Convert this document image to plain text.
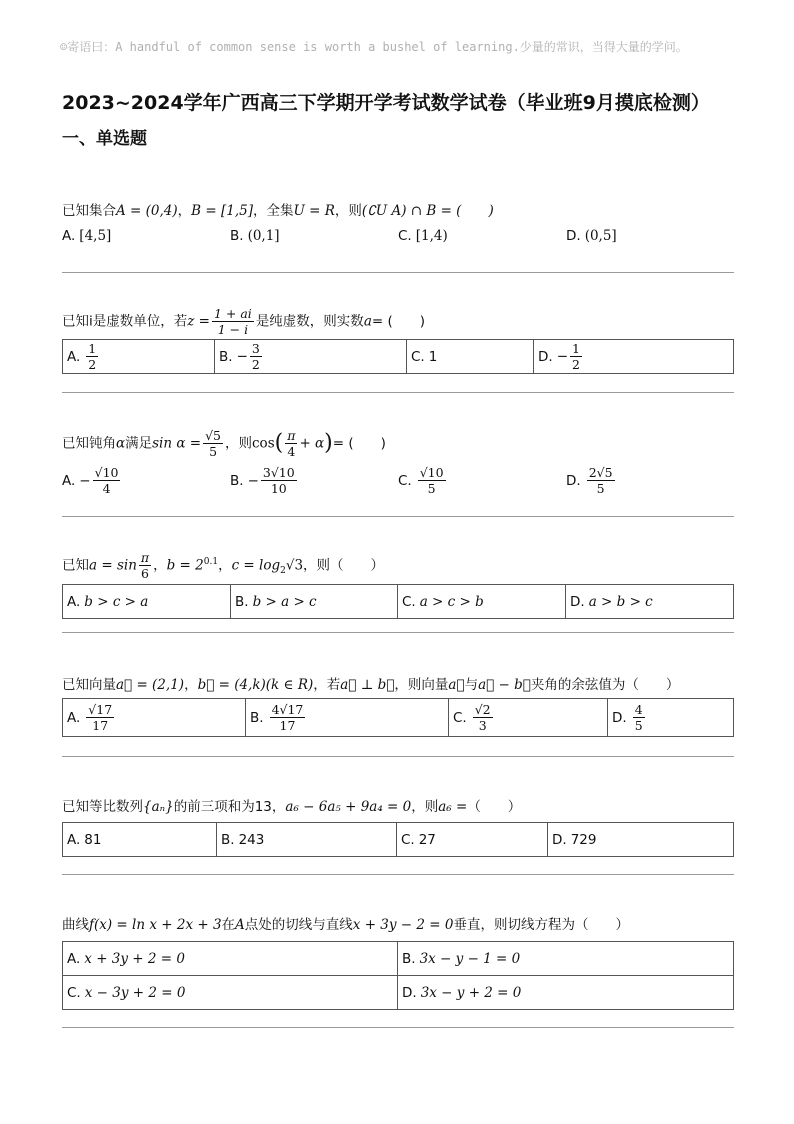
☺寄语曰：A handful of common sense is worth a bushel of learning.少量的常识，当得大量的学问。
2023~2024学年广西高三下学期开学考试数学试卷（毕业班9月摸底检测）
一、单选题
已知集合A = (0,4)，B = [1,5]，全集U = R，则(∁U A) ∩ B = (　　)
A. [4,5]	B. (0,1]	C. [1,4)	D. (0,5]
已知i是虚数单位，若$z = \frac{1 + ai}{1 - i}$ 是纯虚数，则实数a= (　　)
A. $\frac{1}{2}$	B. − $\frac{3}{2}$	C. 1	D. − $\frac{1}{2}$
已知钝角α满足$\sin \alpha = \frac{√5}{5}$ ，则$\cos( \frac{\pi}{4} + \alpha)=$ (　　)
A. − $\frac{√10}{4}$	B. − $\frac{3√10}{10}$	C. $\frac{√10}{5}$	D. $\frac{2√5}{5}$
已知$a = \sin \frac{\pi}{6}$ ，$b = 2^{0.1}$，$c = \log_2√3$，则（　　）
A. b > c > a	B. b > a > c	C. a > c > b	D. a > b > c
已知向量a⃗ = (2,1)，b⃗ = (4,k)(k ∈ R)，若a⃗ ⊥ b⃗，则向量a⃗与a⃗ − b⃗夹角的余弦值为（　　）
A. $\frac{√17}{17}$	B. $\frac{4√17}{17}$	C. $\frac{√2}{3}$	D. $\frac{4}{5}$
已知等比数列{aₙ}的前三项和为13，a₆ − 6a₅ + 9a₄ = 0，则a₆ =（　　）
A. 81	B. 243	C. 27	D. 729
曲线f(x) = ln x + 2x + 3在A点处的切线与直线x + 3y − 2 = 0垂直，则切线方程为（　　）
A. x + 3y + 2 = 0	B. 3x − y − 1 = 0
C. x − 3y + 2 = 0	D. 3x − y + 2 = 0
